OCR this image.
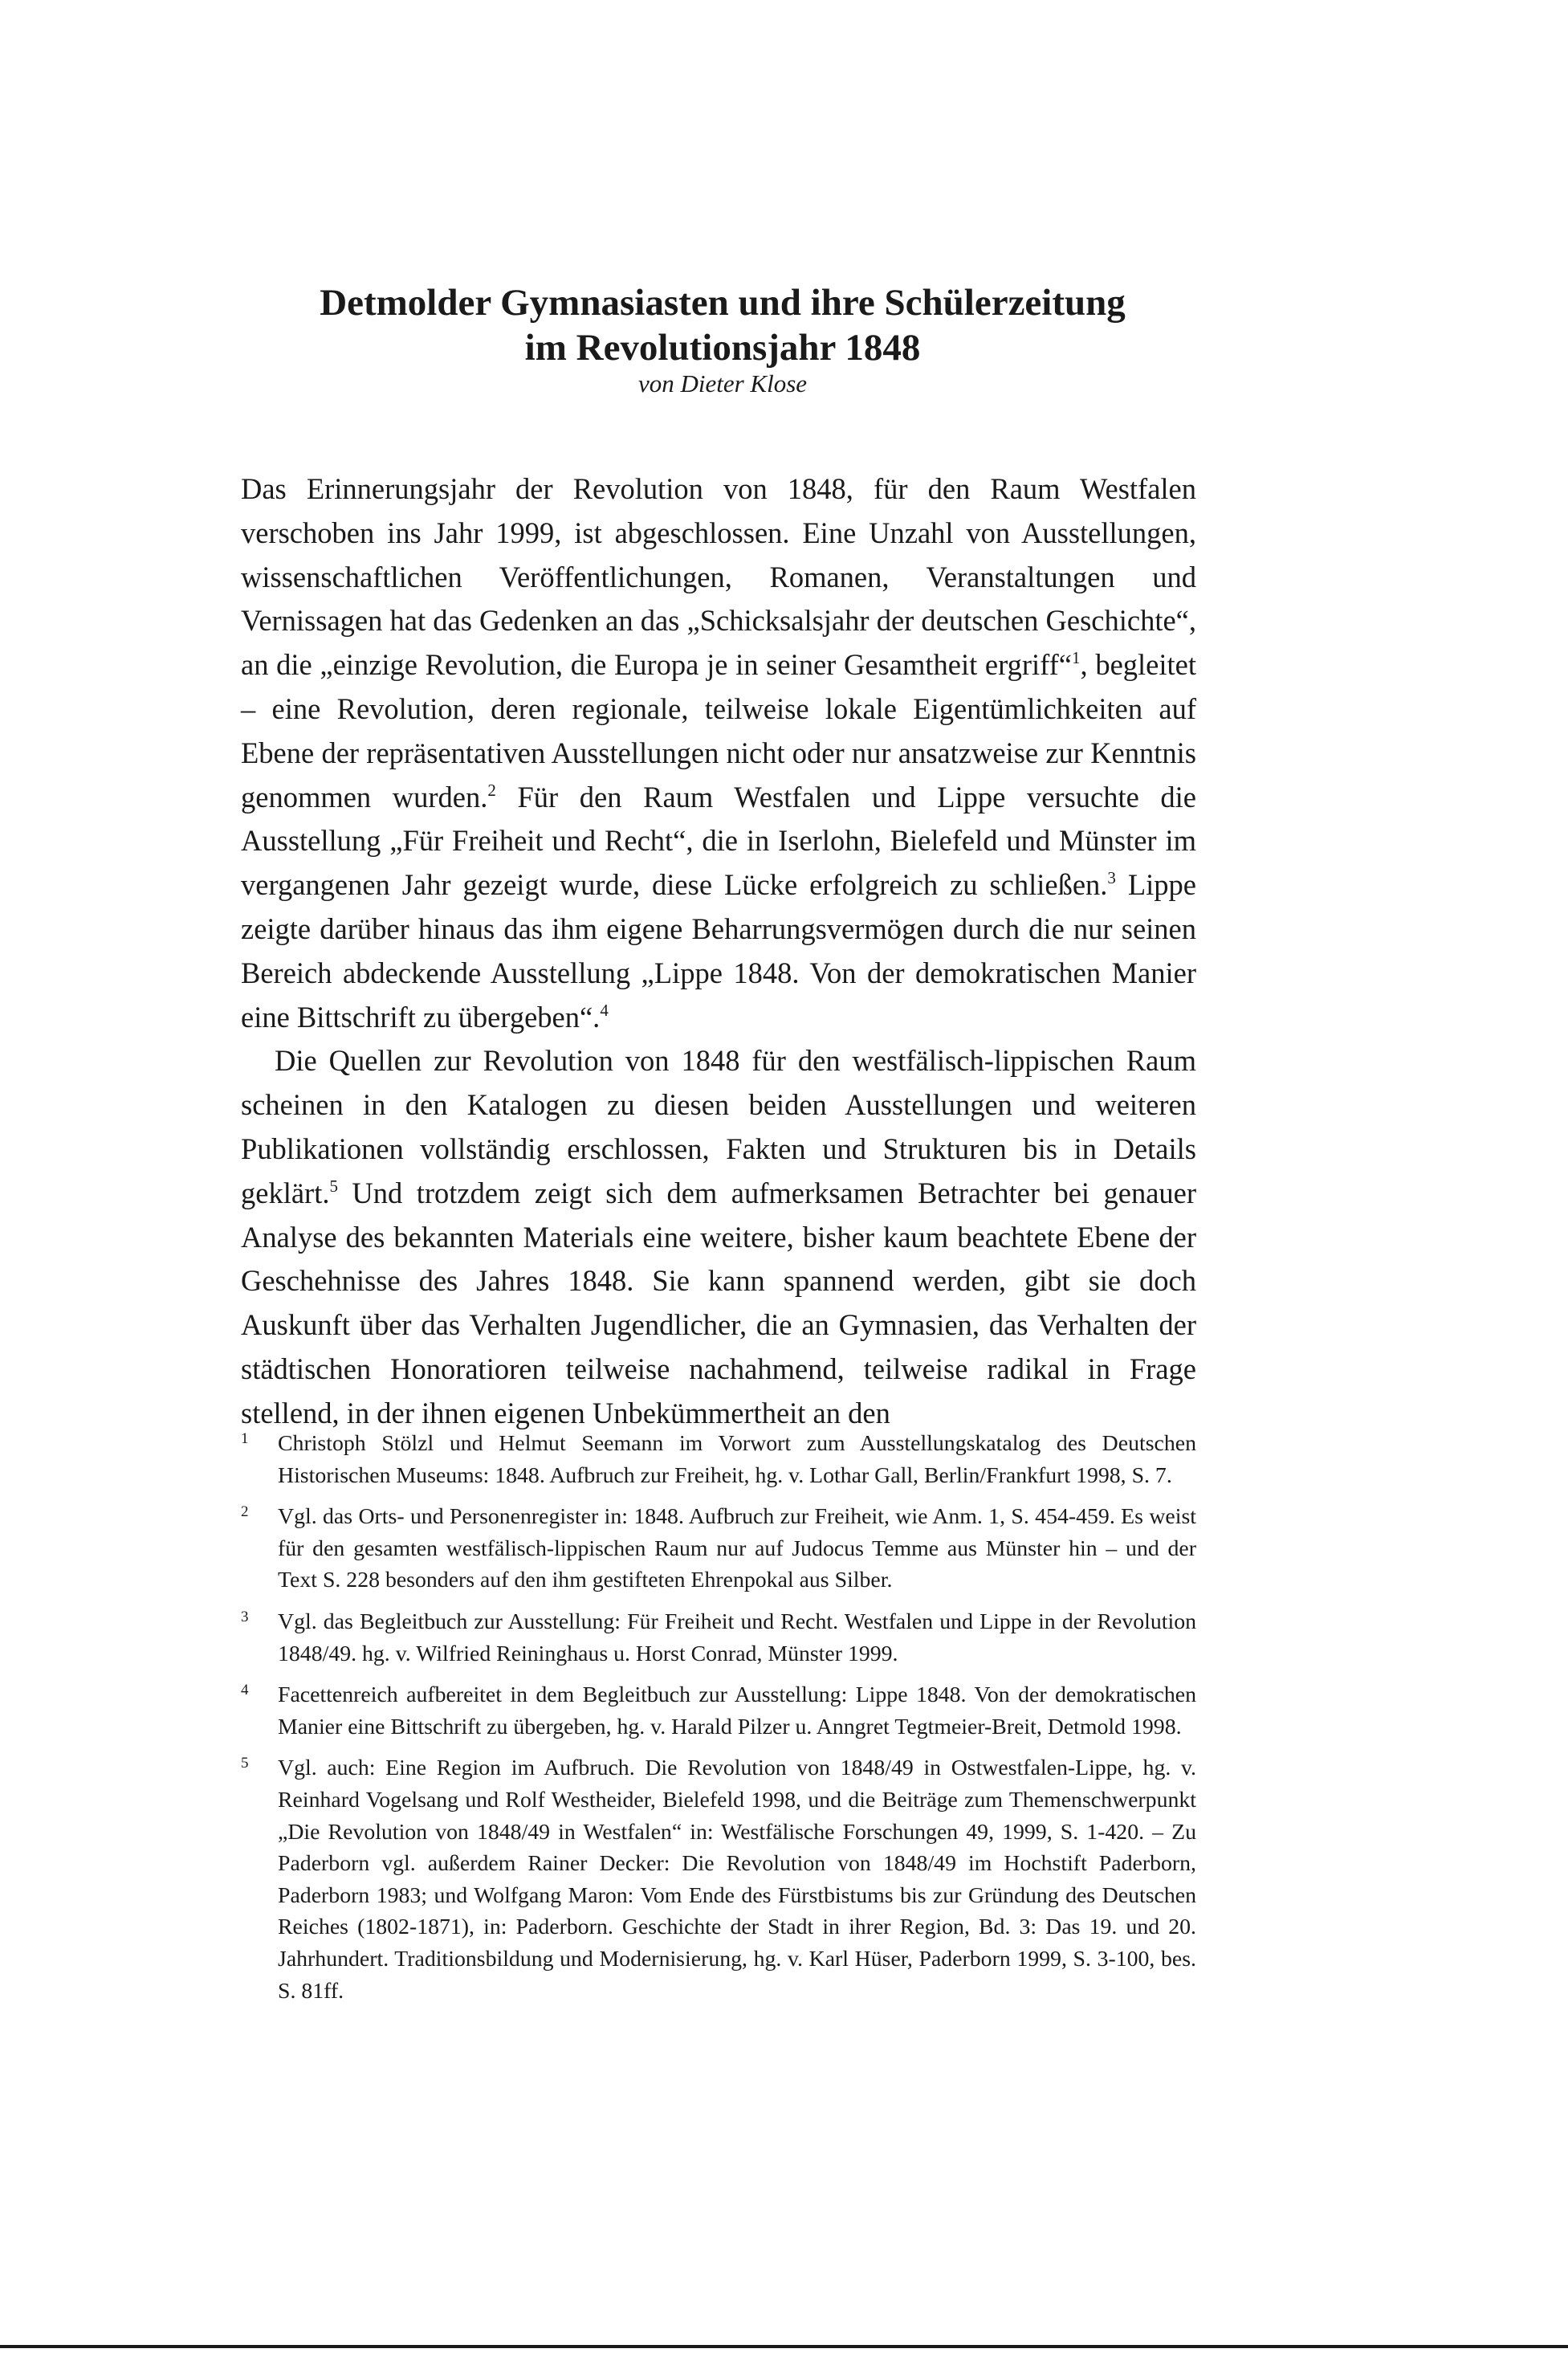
Detmolder Gymnasiasten und ihre Schülerzeitung
im Revolutionsjahr 1848
von Dieter Klose

Das Erinnerungsjahr der Revolution von 1848, für den Raum Westfalen verschoben ins Jahr 1999, ist abgeschlossen. Eine Unzahl von Ausstellungen, wissenschaftlichen Veröffentlichungen, Romanen, Veranstaltungen und Vernissagen hat das Gedenken an das „Schicksalsjahr der deutschen Geschichte“, an die „einzige Revolution, die Europa je in seiner Gesamtheit ergriff“$^1$, begleitet – eine Revolution, deren regionale, teilweise lokale Eigentümlichkeiten auf Ebene der repräsentativen Ausstellungen nicht oder nur ansatzweise zur Kenntnis genommen wurden.$^2$ Für den Raum Westfalen und Lippe versuchte die Ausstellung „Für Freiheit und Recht“, die in Iserlohn, Bielefeld und Münster im vergangenen Jahr gezeigt wurde, diese Lücke erfolgreich zu schließen.$^3$ Lippe zeigte darüber hinaus das ihm eigene Beharrungsvermögen durch die nur seinen Bereich abdeckende Ausstellung „Lippe 1848. Von der demokratischen Manier eine Bittschrift zu übergeben“.$^4$

Die Quellen zur Revolution von 1848 für den westfälisch-lippischen Raum scheinen in den Katalogen zu diesen beiden Ausstellungen und weiteren Publikationen vollständig erschlossen, Fakten und Strukturen bis in Details geklärt.$^5$ Und trotzdem zeigt sich dem aufmerksamen Betrachter bei genauer Analyse des bekannten Materials eine weitere, bisher kaum beachtete Ebene der Geschehnisse des Jahres 1848. Sie kann spannend werden, gibt sie doch Auskunft über das Verhalten Jugendlicher, die an Gymnasien, das Verhalten der städtischen Honoratioren teilweise nachahmend, teilweise radikal in Frage stellend, in der ihnen eigenen Unbekümmertheit an den

1 Christoph Stölzl und Helmut Seemann im Vorwort zum Ausstellungskatalog des Deutschen Historischen Museums: 1848. Aufbruch zur Freiheit, hg. v. Lothar Gall, Berlin/Frankfurt 1998, S. 7.
2 Vgl. das Orts- und Personenregister in: 1848. Aufbruch zur Freiheit, wie Anm. 1, S. 454-459. Es weist für den gesamten westfälisch-lippischen Raum nur auf Judocus Temme aus Münster hin – und der Text S. 228 besonders auf den ihm gestifteten Ehrenpokal aus Silber.
3 Vgl. das Begleitbuch zur Ausstellung: Für Freiheit und Recht. Westfalen und Lippe in der Revolution 1848/49. hg. v. Wilfried Reininghaus u. Horst Conrad, Münster 1999.
4 Facettenreich aufbereitet in dem Begleitbuch zur Ausstellung: Lippe 1848. Von der demokratischen Manier eine Bittschrift zu übergeben, hg. v. Harald Pilzer u. Anngret Tegtmeier-Breit, Detmold 1998.
5 Vgl. auch: Eine Region im Aufbruch. Die Revolution von 1848/49 in Ostwestfalen-Lippe, hg. v. Reinhard Vogelsang und Rolf Westheider, Bielefeld 1998, und die Beiträge zum Themenschwerpunkt „Die Revolution von 1848/49 in Westfalen“ in: Westfälische Forschungen 49, 1999, S. 1-420. – Zu Paderborn vgl. außerdem Rainer Decker: Die Revolution von 1848/49 im Hochstift Paderborn, Paderborn 1983; und Wolfgang Maron: Vom Ende des Fürstbistums bis zur Gründung des Deutschen Reiches (1802-1871), in: Paderborn. Geschichte der Stadt in ihrer Region, Bd. 3: Das 19. und 20. Jahrhundert. Traditionsbildung und Modernisierung, hg. v. Karl Hüser, Paderborn 1999, S. 3-100, bes. S. 81ff.
